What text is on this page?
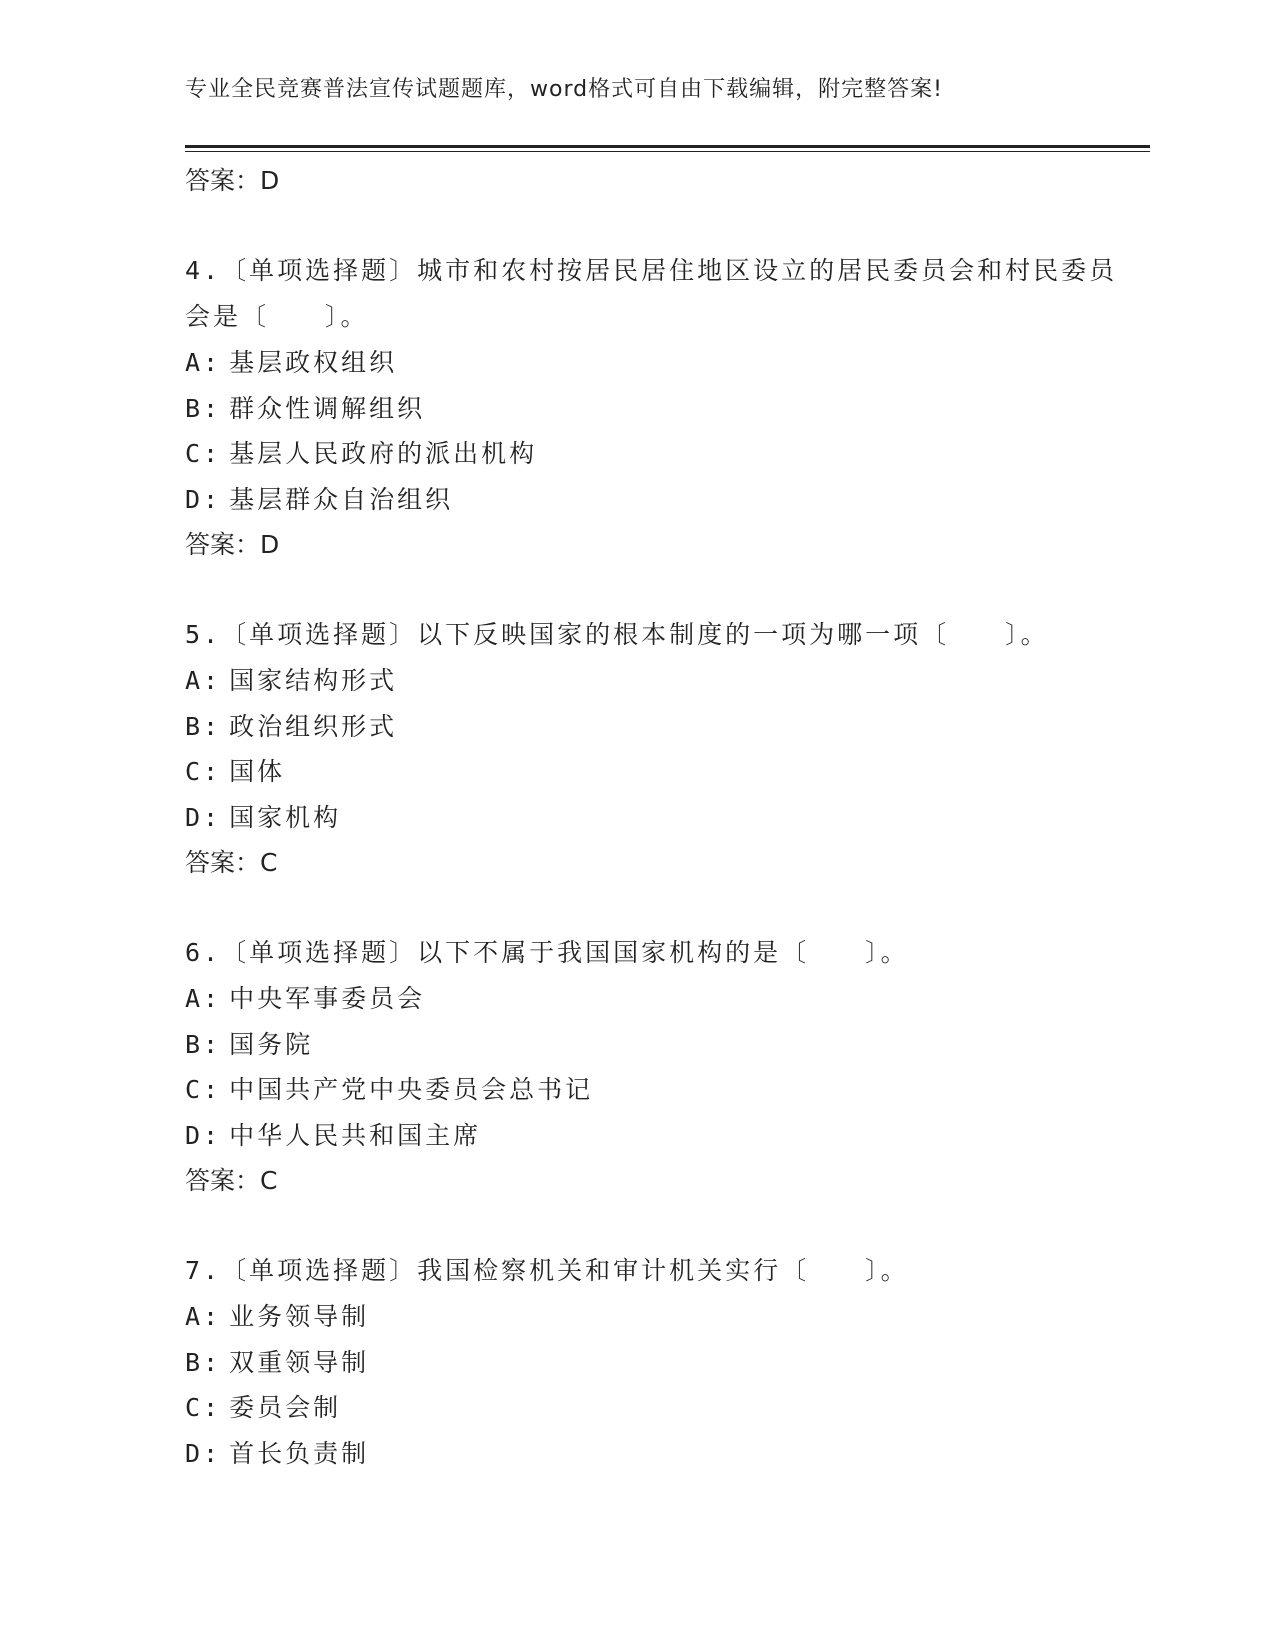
专业全民竞赛普法宣传试题题库，word格式可自由下载编辑，附完整答案!
答案：D
4.〔单项选择题〕城市和农村按居民居住地区设立的居民委员会和村民委员会是〔　　〕。
A: 基层政权组织
B: 群众性调解组织
C: 基层人民政府的派出机构
D: 基层群众自治组织
答案：D
5.〔单项选择题〕以下反映国家的根本制度的一项为哪一项〔　　〕。
A: 国家结构形式
B: 政治组织形式
C: 国体
D: 国家机构
答案：C
6.〔单项选择题〕以下不属于我国国家机构的是〔　　〕。
A: 中央军事委员会
B: 国务院
C: 中国共产党中央委员会总书记
D: 中华人民共和国主席
答案：C
7.〔单项选择题〕我国检察机关和审计机关实行〔　　〕。
A: 业务领导制
B: 双重领导制
C: 委员会制
D: 首长负责制
